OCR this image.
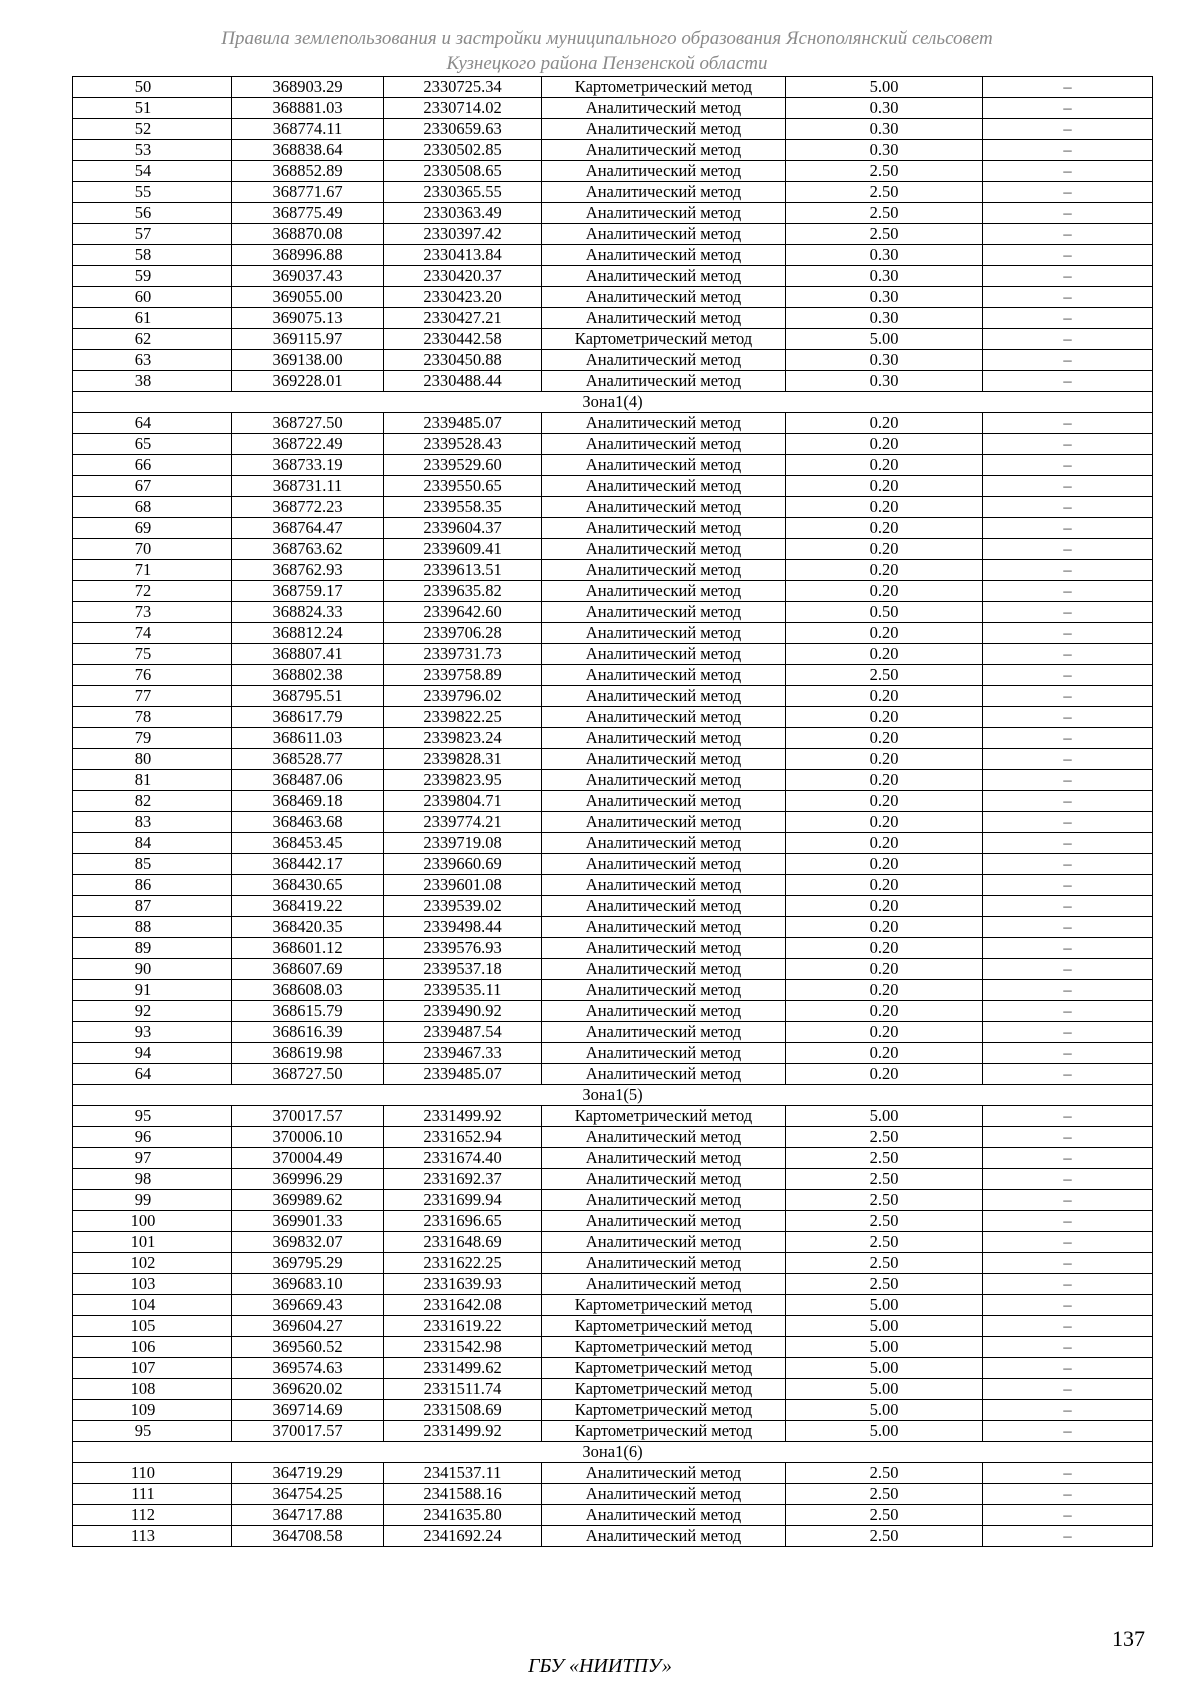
Правила землепользования и застройки муниципального образования Яснополянский сельсовет
Кузнецкого района Пензенской области
50	368903.29	2330725.34	Картометрический метод	5.00	–
51	368881.03	2330714.02	Аналитический метод	0.30	–
52	368774.11	2330659.63	Аналитический метод	0.30	–
53	368838.64	2330502.85	Аналитический метод	0.30	–
54	368852.89	2330508.65	Аналитический метод	2.50	–
55	368771.67	2330365.55	Аналитический метод	2.50	–
56	368775.49	2330363.49	Аналитический метод	2.50	–
57	368870.08	2330397.42	Аналитический метод	2.50	–
58	368996.88	2330413.84	Аналитический метод	0.30	–
59	369037.43	2330420.37	Аналитический метод	0.30	–
60	369055.00	2330423.20	Аналитический метод	0.30	–
61	369075.13	2330427.21	Аналитический метод	0.30	–
62	369115.97	2330442.58	Картометрический метод	5.00	–
63	369138.00	2330450.88	Аналитический метод	0.30	–
38	369228.01	2330488.44	Аналитический метод	0.30	–
Зона1(4)					
64	368727.50	2339485.07	Аналитический метод	0.20	–
65	368722.49	2339528.43	Аналитический метод	0.20	–
66	368733.19	2339529.60	Аналитический метод	0.20	–
67	368731.11	2339550.65	Аналитический метод	0.20	–
68	368772.23	2339558.35	Аналитический метод	0.20	–
69	368764.47	2339604.37	Аналитический метод	0.20	–
70	368763.62	2339609.41	Аналитический метод	0.20	–
71	368762.93	2339613.51	Аналитический метод	0.20	–
72	368759.17	2339635.82	Аналитический метод	0.20	–
73	368824.33	2339642.60	Аналитический метод	0.50	–
74	368812.24	2339706.28	Аналитический метод	0.20	–
75	368807.41	2339731.73	Аналитический метод	0.20	–
76	368802.38	2339758.89	Аналитический метод	2.50	–
77	368795.51	2339796.02	Аналитический метод	0.20	–
78	368617.79	2339822.25	Аналитический метод	0.20	–
79	368611.03	2339823.24	Аналитический метод	0.20	–
80	368528.77	2339828.31	Аналитический метод	0.20	–
81	368487.06	2339823.95	Аналитический метод	0.20	–
82	368469.18	2339804.71	Аналитический метод	0.20	–
83	368463.68	2339774.21	Аналитический метод	0.20	–
84	368453.45	2339719.08	Аналитический метод	0.20	–
85	368442.17	2339660.69	Аналитический метод	0.20	–
86	368430.65	2339601.08	Аналитический метод	0.20	–
87	368419.22	2339539.02	Аналитический метод	0.20	–
88	368420.35	2339498.44	Аналитический метод	0.20	–
89	368601.12	2339576.93	Аналитический метод	0.20	–
90	368607.69	2339537.18	Аналитический метод	0.20	–
91	368608.03	2339535.11	Аналитический метод	0.20	–
92	368615.79	2339490.92	Аналитический метод	0.20	–
93	368616.39	2339487.54	Аналитический метод	0.20	–
94	368619.98	2339467.33	Аналитический метод	0.20	–
64	368727.50	2339485.07	Аналитический метод	0.20	–
Зона1(5)					
95	370017.57	2331499.92	Картометрический метод	5.00	–
96	370006.10	2331652.94	Аналитический метод	2.50	–
97	370004.49	2331674.40	Аналитический метод	2.50	–
98	369996.29	2331692.37	Аналитический метод	2.50	–
99	369989.62	2331699.94	Аналитический метод	2.50	–
100	369901.33	2331696.65	Аналитический метод	2.50	–
101	369832.07	2331648.69	Аналитический метод	2.50	–
102	369795.29	2331622.25	Аналитический метод	2.50	–
103	369683.10	2331639.93	Аналитический метод	2.50	–
104	369669.43	2331642.08	Картометрический метод	5.00	–
105	369604.27	2331619.22	Картометрический метод	5.00	–
106	369560.52	2331542.98	Картометрический метод	5.00	–
107	369574.63	2331499.62	Картометрический метод	5.00	–
108	369620.02	2331511.74	Картометрический метод	5.00	–
109	369714.69	2331508.69	Картометрический метод	5.00	–
95	370017.57	2331499.92	Картометрический метод	5.00	–
Зона1(6)					
110	364719.29	2341537.11	Аналитический метод	2.50	–
111	364754.25	2341588.16	Аналитический метод	2.50	–
112	364717.88	2341635.80	Аналитический метод	2.50	–
113	364708.58	2341692.24	Аналитический метод	2.50	–
137
ГБУ «НИИТПУ»
